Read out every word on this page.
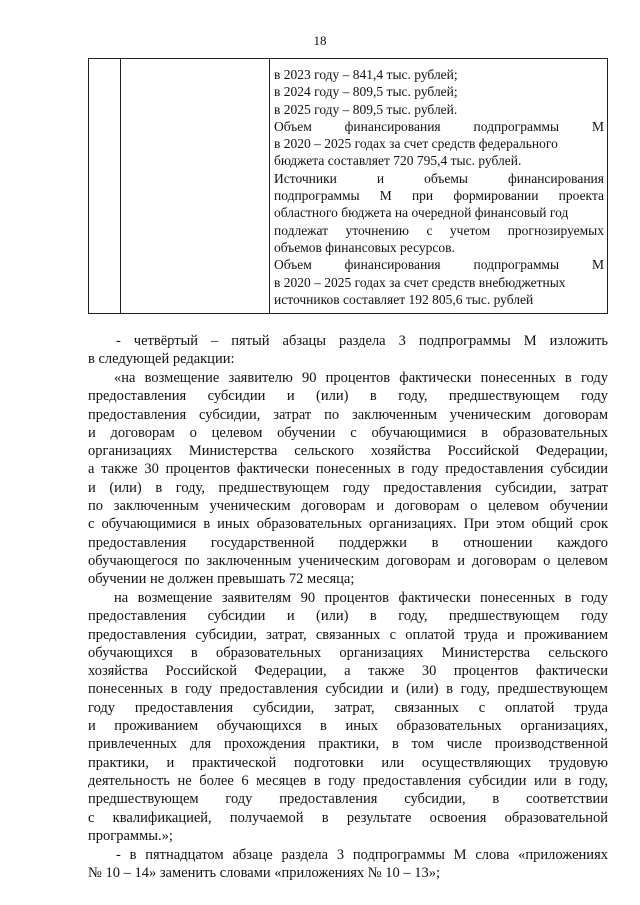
18

в 2023 году – 841,4 тыс. рублей;
в 2024 году – 809,5 тыс. рублей;
в 2025 году – 809,5 тыс. рублей.
Объем финансирования подпрограммы М
в 2020 – 2025 годах за счет средств федерального
бюджета составляет 720 795,4 тыс. рублей.
Источники и объемы финансирования
подпрограммы М при формировании проекта
областного бюджета на очередной финансовый год
подлежат уточнению с учетом прогнозируемых
объемов финансовых ресурсов.
Объем финансирования подпрограммы М
в 2020 – 2025 годах за счет средств внебюджетных
источников составляет 192 805,6 тыс. рублей
- четвёртый – пятый абзацы раздела 3 подпрограммы М изложить
в следующей редакции:
«на возмещение заявителю 90 процентов фактически понесенных в году
предоставления субсидии и (или) в году, предшествующем году
предоставления субсидии, затрат по заключенным ученическим договорам
и договорам о целевом обучении с обучающимися в образовательных
организациях Министерства сельского хозяйства Российской Федерации,
а также 30 процентов фактически понесенных в году предоставления субсидии
и (или) в году, предшествующем году предоставления субсидии, затрат
по заключенным ученическим договорам и договорам о целевом обучении
с обучающимися в иных образовательных организациях. При этом общий срок
предоставления государственной поддержки в отношении каждого
обучающегося по заключенным ученическим договорам и договорам о целевом
обучении не должен превышать 72 месяца;
на возмещение заявителям 90 процентов фактически понесенных в году
предоставления субсидии и (или) в году, предшествующем году
предоставления субсидии, затрат, связанных с оплатой труда и проживанием
обучающихся в образовательных организациях Министерства сельского
хозяйства Российской Федерации, а также 30 процентов фактически
понесенных в году предоставления субсидии и (или) в году, предшествующем
году предоставления субсидии, затрат, связанных с оплатой труда
и проживанием обучающихся в иных образовательных организациях,
привлеченных для прохождения практики, в том числе производственной
практики, и практической подготовки или осуществляющих трудовую
деятельность не более 6 месяцев в году предоставления субсидии или в году,
предшествующем году предоставления субсидии, в соответствии
с квалификацией, получаемой в результате освоения образовательной
программы.»;
- в пятнадцатом абзаце раздела 3 подпрограммы М слова «приложениях
№ 10 – 14» заменить словами «приложениях № 10 – 13»;
